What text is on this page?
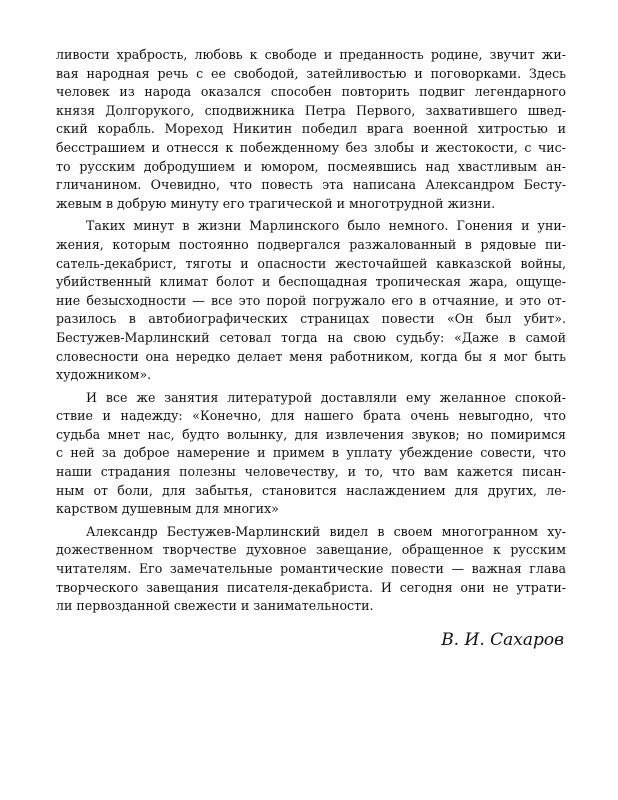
ливости храбрость, любовь к свободе и преданность родине, звучит жи-
вая народная речь с ее свободой, затейливостью и поговорками. Здесь
человек из народа оказался способен повторить подвиг легендарного
князя Долгорукого, сподвижника Петра Первого, захватившего швед-
ский корабль. Мореход Никитин победил врага военной хитростью и
бесстрашием и отнесся к побежденному без злобы и жестокости, с чис-
то русским добродушием и юмором, посмеявшись над хвастливым ан-
гличанином. Очевидно, что повесть эта написана Александром Бесту-
жевым в добрую минуту его трагической и многотрудной жизни.
Таких минут в жизни Марлинского было немного. Гонения и уни-
жения, которым постоянно подвергался разжалованный в рядовые пи-
сатель-декабрист, тяготы и опасности жесточайшей кавказской войны,
убийственный климат болот и беспощадная тропическая жара, ощуще-
ние безысходности — все это порой погружало его в отчаяние, и это от-
разилось в автобиографических страницах повести «Он был убит».
Бестужев-Марлинский сетовал тогда на свою судьбу: «Даже в самой
словесности она нередко делает меня работником, когда бы я мог быть
художником».
И все же занятия литературой доставляли ему желанное спокой-
ствие и надежду: «Конечно, для нашего брата очень невыгодно, что
судьба мнет нас, будто волынку, для извлечения звуков; но помиримся
с ней за доброе намерение и примем в уплату убеждение совести, что
наши страдания полезны человечеству, и то, что вам кажется писан-
ным от боли, для забытья, становится наслаждением для других, ле-
карством душевным для многих»
Александр Бестужев-Марлинский видел в своем многогранном ху-
дожественном творчестве духовное завещание, обращенное к русским
читателям. Его замечательные романтические повести — важная глава
творческого завещания писателя-декабриста. И сегодня они не утрати-
ли первозданной свежести и занимательности.
В. И. Сахаров
